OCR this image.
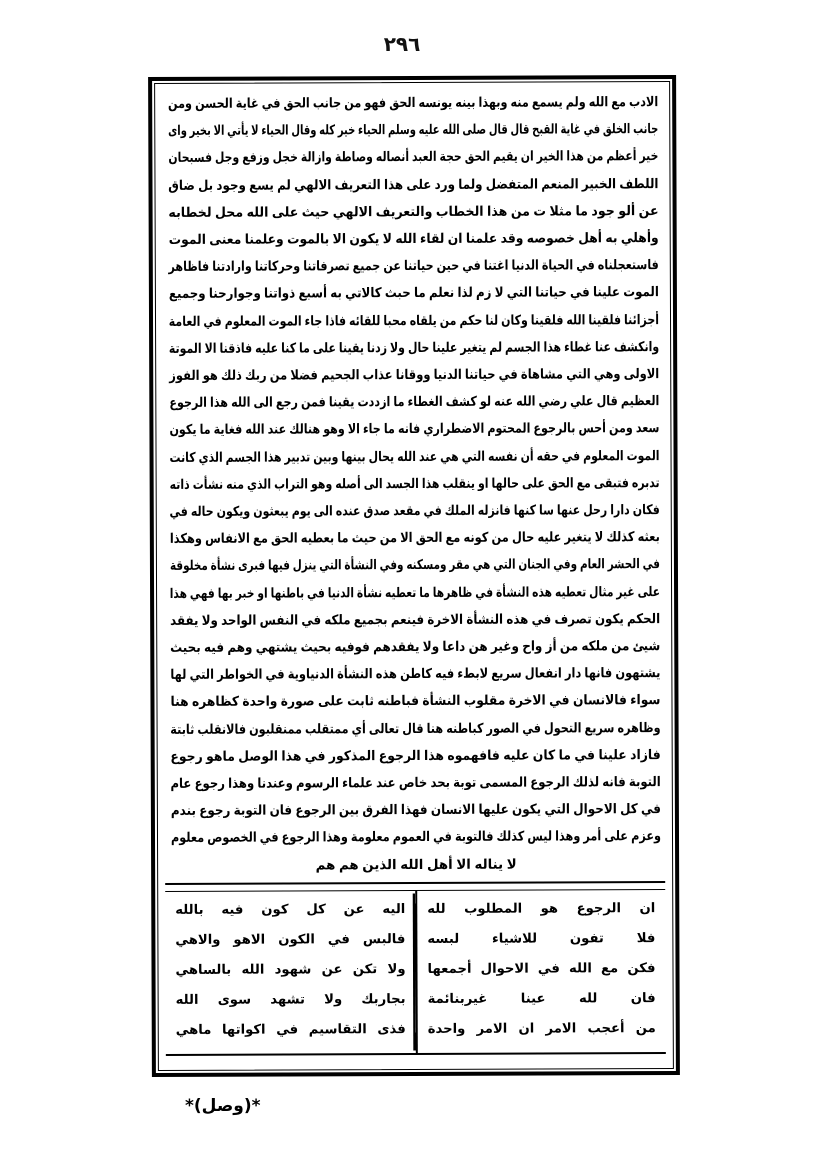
٢٩٦
الادب مع الله ولم يسمع منه وبهذا بينه يونسه الحق فهو من جانب الحق في غاية الحسن ومن جانب الخلق في غاية القبح قال قال صلى الله عليه وسلم الحياء خير كله وقال الحياء لا يأتي الا بخير وای خير أعظم من هذا الخير ان يقيم الحق حجة العبد أنصاله وصاطة وازالة خجل وزفع وجل فسبحان اللطف الخبير المنعم المتفضل ولما ورد على هذا التعريف الالهي لم يسع وجود بل ضاق عن ألو جود ما مثلا ت من هذا الخطاب والتعريف الالهي حيث على الله محل لخطابه وأهلي به أهل خصوصه وقد علمنا ان لقاء الله لا يكون الا بالموت وعلمنا معنى الموت فاستعجلناه في الحياة الدنيا اغتنا في حين حياتنا عن جميع تصرفاتنا وحركاتنا وارادتنا فاظاهر الموت علينا في حياتنا التي لا زم لذا نعلم ما حبث كالاتي به أسبع ذواتنا وجوارحنا وجميع أجزائنا فلقينا الله فلقينا وكان لنا حكم من يلقاه محبا للقائه فاذا جاء الموت المعلوم في العامة وانكشف عنا غطاء هذا الجسم لم يتغير علينا حال ولا زدنا يقينا على ما كنا عليه فاذقنا الا الموتة الاولى وهي التي مشاهاة في حياتنا الدنيا ووقانا عذاب الجحيم فضلا من ربك ذلك هو الفوز العظيم قال علي رضي الله عنه لو كشف الغطاء ما ازددت يقينا فمن رجع الى الله هذا الرجوع سعد ومن أحس بالرجوع المحتوم الاضطراري فانه ما جاء الا وهو هنالك عند الله فغاية ما يكون الموت المعلوم في حقه أن نفسه التي هي عند الله يحال بينها وبين تدبير هذا الجسم الذي كانت تدبره فتبقى مع الحق على حالها او ينقلب هذا الجسد الى أصله وهو التراب الذي منه نشأت ذاته فكان دارا رحل عنها سا كنها فانزله الملك في مقعد صدق عنده الى يوم يبعثون ويكون حاله في بعثه كذلك لا يتغير عليه حال من كونه مع الحق الا من حيث ما بعطيه الحق مع الانفاس وهكذا في الحشر العام وفي الجنان التي هي مقر ومسكنه وفي النشأة التي ينزل فيها فبرى نشأة مخلوقة على غير مثال تعطيه هذه النشأة في ظاهرها ما تعطيه نشأة الدنيا في باطنها او خبر بها فهي هذا الحكم يكون تصرف في هذه النشأة الاخرة فينعم بجميع ملكه في النفس الواحد ولا يفقد شيئ من ملكه من أز واح وغير هن داعا ولا يفقدهم فوفيه بحيث يشتهي وهم فيه بحيث يشتهون فانها دار انفعال سريع لابطء فيه كاطن هذه النشأة الدنياوية في الخواطر التي لها سواء فالانسان في الاخرة مقلوب النشأة فباطنه ثابت على صورة واحدة كظاهره هنا وظاهره سريع التحول في الصور كباطنه هنا قال تعالى أي ممتقلب ممنقلبون فالانقلب ثابتة فازاد علينا في ما كان عليه فافهموه هذا الرجوع المذكور في هذا الوصل ماهو رجوع التوبة فانه لذلك الرجوع المسمى توبة بحد خاص عند علماء الرسوم وعندنا وهذا رجوع عام في كل الاحوال التي يكون عليها الانسان فهذا الفرق بين الرجوع فان التوبة رجوع بندم وعزم على أمر وهذا ليس كذلك فالتوبة في العموم معلومة وهذا الرجوع في الخصوص معلوم لا يناله الا أهل الله الذين هم هم
ان الرجوع هو المطلوب لله
فلا تفون للاشياء لبسه
فكن مع الله في الاحوال أجمعها
فان لله عينا غيربنائمة
من أعجب الامر ان الامر واحدة
اليه عن كل كون فيه بالله
فالبس في الكون الاهو والاهي
ولا تكن عن شهود الله بالساهي
بجاربك ولا تشهد سوى الله
فذى التقاسيم في اكواتها ماهي
*(وصل)*
